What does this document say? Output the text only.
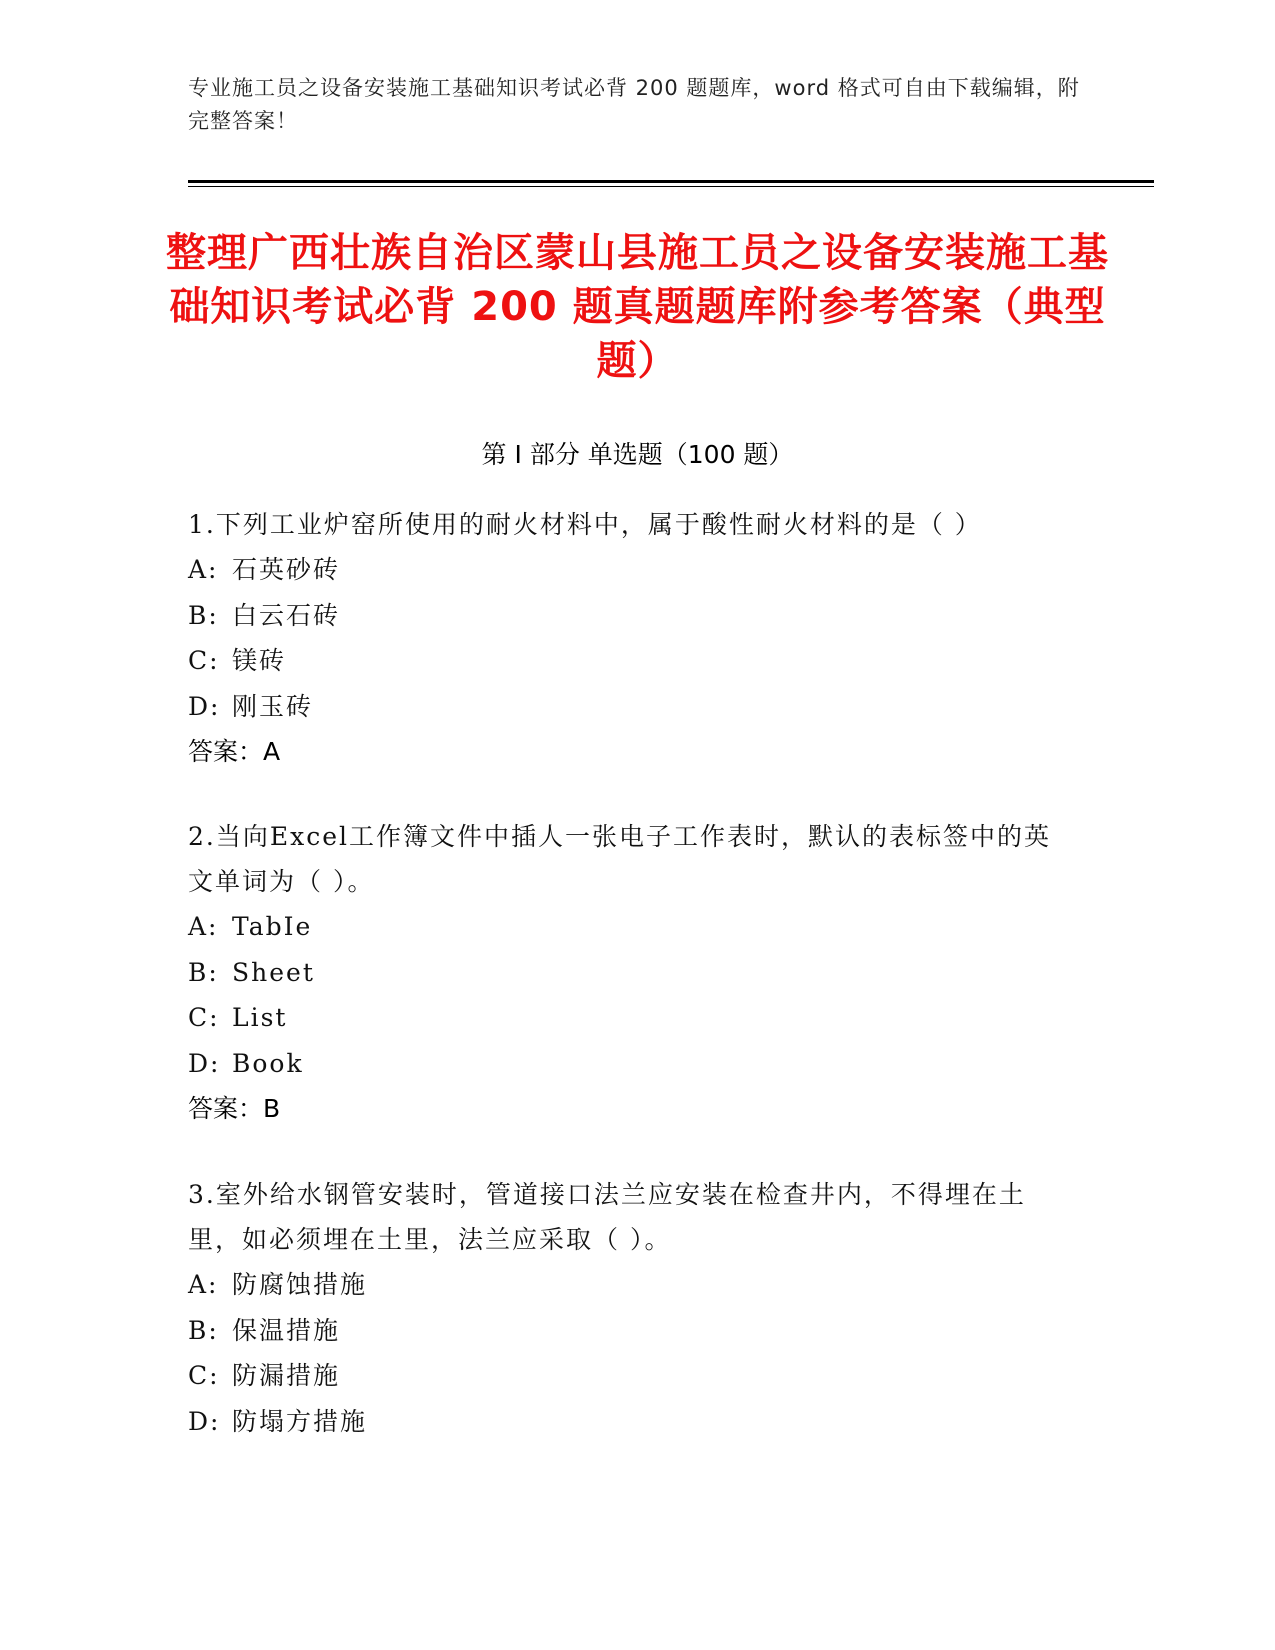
专业施工员之设备安装施工基础知识考试必背 200 题题库，word 格式可自由下载编辑，附完整答案！
整理广西壮族自治区蒙山县施工员之设备安装施工基础知识考试必背 200 题真题题库附参考答案（典型题）
第 I 部分 单选题（100 题）
1.下列工业炉窑所使用的耐火材料中，属于酸性耐火材料的是（ ）
A: 石英砂砖
B: 白云石砖
C: 镁砖
D: 刚玉砖
答案：A
2.当向Excel工作簿文件中插人一张电子工作表时，默认的表标签中的英文单词为（ ）。
A: TabIe
B: Sheet
C: List
D: Book
答案：B
3.室外给水钢管安装时，管道接口法兰应安装在检查井内，不得埋在土里，如必须埋在土里，法兰应采取（ ）。
A: 防腐蚀措施
B: 保温措施
C: 防漏措施
D: 防塌方措施
